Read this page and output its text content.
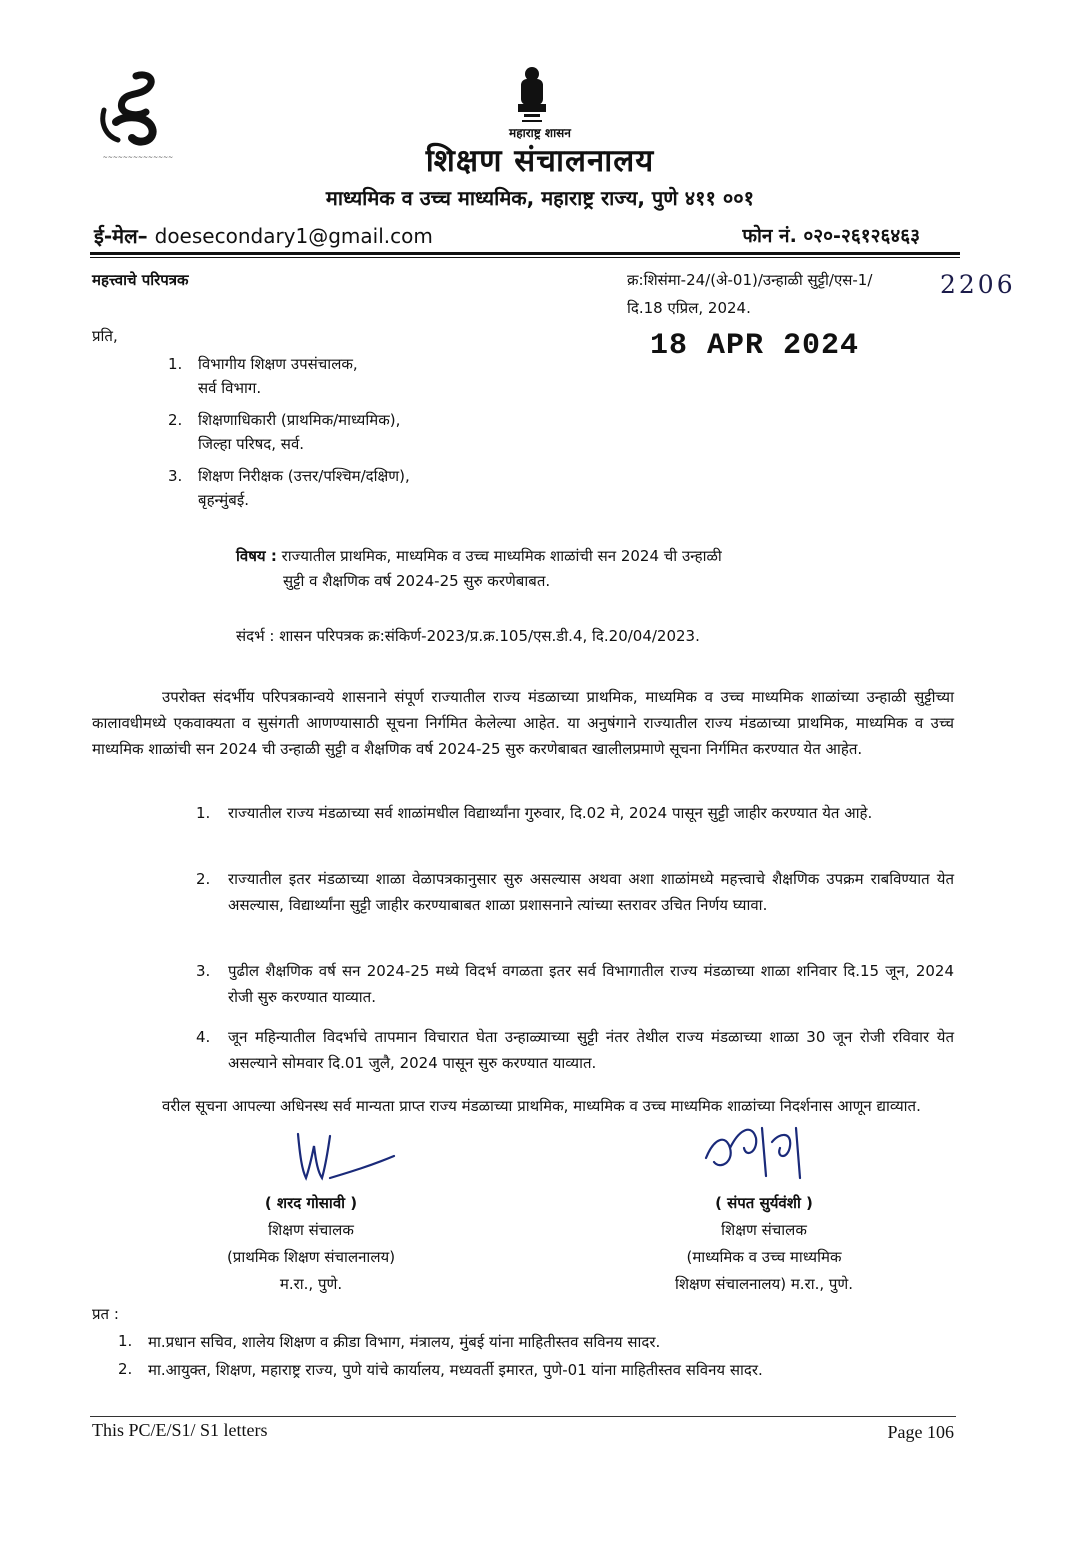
~~~~~~~~~~~~~~
महाराष्ट्र शासन
शिक्षण संचालनालय
माध्यमिक व उच्च माध्यमिक, महाराष्ट्र राज्य, पुणे ४११ ००१
ई-मेल– doesecondary1@gmail.com	फोन नं. ०२०-२६१२६४६३
महत्त्वाचे परिपत्रक	क्र:शिसंमा-24/(अे-01)/उन्हाळी सुट्टी/एस-1/	2206
दि.18 एप्रिल, 2024.
18 APR 2024
प्रति,
1. विभागीय शिक्षण उपसंचालक,
सर्व विभाग.
2. शिक्षणाधिकारी (प्राथमिक/माध्यमिक),
जिल्हा परिषद, सर्व.
3. शिक्षण निरीक्षक (उत्तर/पश्चिम/दक्षिण),
बृहन्मुंबई.
विषय : राज्यातील प्राथमिक, माध्यमिक व उच्च माध्यमिक शाळांची सन 2024 ची उन्हाळी
सुट्टी व शैक्षणिक वर्ष 2024-25 सुरु करणेबाबत.
संदर्भ : शासन परिपत्रक क्र:संकिर्ण-2023/प्र.क्र.105/एस.डी.4, दि.20/04/2023.
उपरोक्त संदर्भीय परिपत्रकान्वये शासनाने संपूर्ण राज्यातील राज्य मंडळाच्या प्राथमिक, माध्यमिक व उच्च माध्यमिक शाळांच्या उन्हाळी सुट्टीच्या कालावधीमध्ये एकवाक्यता व सुसंगती आणण्यासाठी सूचना निर्गमित केलेल्या आहेत. या अनुषंगाने राज्यातील राज्य मंडळाच्या प्राथमिक, माध्यमिक व उच्च माध्यमिक शाळांची सन 2024 ची उन्हाळी सुट्टी व शैक्षणिक वर्ष 2024-25 सुरु करणेबाबत खालीलप्रमाणे सूचना निर्गमित करण्यात येत आहेत.
1. राज्यातील राज्य मंडळाच्या सर्व शाळांमधील विद्यार्थ्यांना गुरुवार, दि.02 मे, 2024 पासून सुट्टी जाहीर करण्यात येत आहे.
2. राज्यातील इतर मंडळाच्या शाळा वेळापत्रकानुसार सुरु असल्यास अथवा अशा शाळांमध्ये महत्त्वाचे शैक्षणिक उपक्रम राबविण्यात येत असल्यास, विद्यार्थ्यांना सुट्टी जाहीर करण्याबाबत शाळा प्रशासनाने त्यांच्या स्तरावर उचित निर्णय घ्यावा.
3. पुढील शैक्षणिक वर्ष सन 2024-25 मध्ये विदर्भ वगळता इतर सर्व विभागातील राज्य मंडळाच्या शाळा शनिवार दि.15 जून, 2024 रोजी सुरु करण्यात याव्यात.
4. जून महिन्यातील विदर्भाचे तापमान विचारात घेता उन्हाळ्याच्या सुट्टी नंतर तेथील राज्य मंडळाच्या शाळा 30 जून रोजी रविवार येत असल्याने सोमवार दि.01 जुलै, 2024 पासून सुरु करण्यात याव्यात.
वरील सूचना आपल्या अधिनस्थ सर्व मान्यता प्राप्त राज्य मंडळाच्या प्राथमिक, माध्यमिक व उच्च माध्यमिक शाळांच्या निदर्शनास आणून द्याव्यात.
( शरद गोसावी )
शिक्षण संचालक
(प्राथमिक शिक्षण संचालनालय)
म.रा., पुणे.
( संपत सुर्यवंशी )
शिक्षण संचालक
(माध्यमिक व उच्च माध्यमिक
शिक्षण संचालनालय) म.रा., पुणे.
प्रत :
1. मा.प्रधान सचिव, शालेय शिक्षण व क्रीडा विभाग, मंत्रालय, मुंबई यांना माहितीस्तव सविनय सादर.
2. मा.आयुक्त, शिक्षण, महाराष्ट्र राज्य, पुणे यांचे कार्यालय, मध्यवर्ती इमारत, पुणे-01 यांना माहितीस्तव सविनय सादर.
This PC/E/S1/ S1 letters	Page 106
